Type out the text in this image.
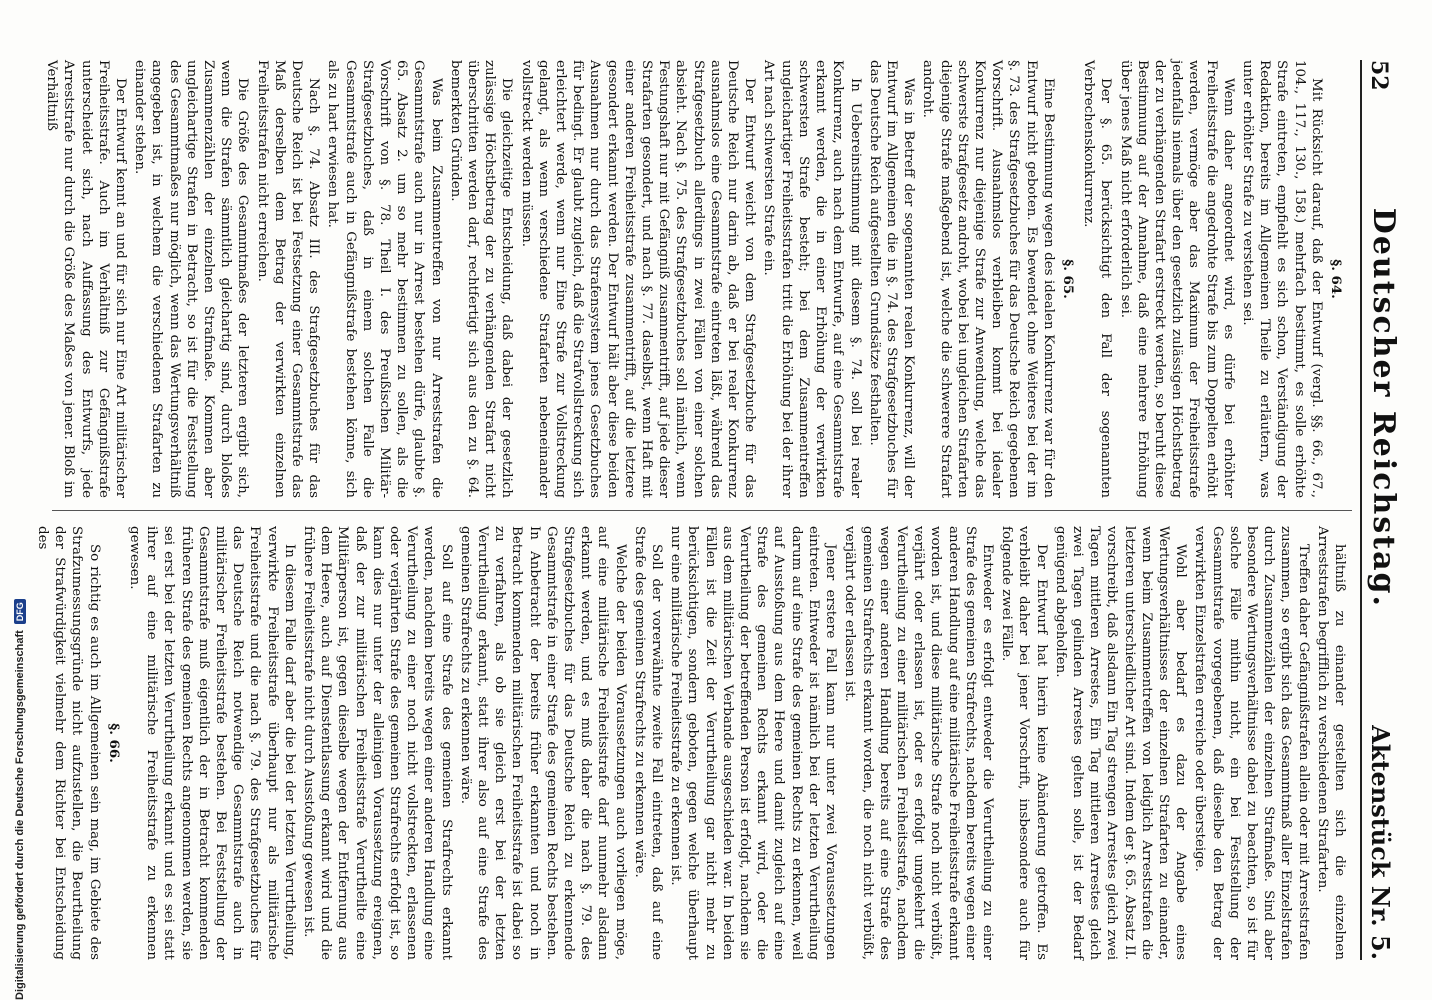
52
Deutscher Reichstag.
Aktenstück Nr. 5.

§. 64.

Mit Rücksicht darauf, daß der Entwurf (vergl. §§. 66., 67., 104., 117., 130., 158.) mehrfach bestimmt, es solle erhöhte Strafe eintreten, empfiehlt es sich schon, Verständigung der Redaktion, bereits im Allgemeinen Theile zu erläutern, was unter erhöhter Strafe zu verstehen sei.

Wenn daher angeordnet wird, es dürfe bei erhöhter Freiheitsstrafe die angedrohte Strafe bis zum Doppelten erhöht werden, vermöge aber das Maximum der Freiheitsstrafe jedenfalls niemals über den gesetzlich zulässigen Höchstbetrag der zu verhängenden Strafart erstreckt werden, so beruht diese Bestimmung auf der Annahme, daß eine mehrere Erhöhung über jenes Maß nicht erforderlich sei.

Der §. 65. berücksichtigt den Fall der sogenannten Verbrechenskonkurrenz.

§. 65.

Eine Bestimmung wegen des idealen Konkurrenz war für den Entwurf nicht geboten. Es bewendet ohne Weiteres bei der im §. 73. des Strafgesetzbuches für das Deutsche Reich gegebenen Vorschrift. Ausnahmslos verbleiben kommt bei idealer Konkurrenz nur diejenige Strafe zur Anwendung, welche das schwerste Strafgesetz androht, wobei bei ungleichen Strafarten diejenige Strafe maßgebend ist, welche die schwerere Strafart androht.

Was in Betreff der sogenannten realen Konkurrenz, will der Entwurf im Allgemeinen die in §. 74. des Strafgesetzbuches für das Deutsche Reich aufgestellten Grundsätze festhalten.

In Uebereinstimmung mit diesem §. 74. soll bei realer Konkurrenz, auch nach dem Entwurfe, auf eine Gesammtstrafe erkannt werden, die in einer Erhöhung der verwirkten schwersten Strafe besteht; bei dem Zusammentreffen ungleichartiger Freiheitsstrafen tritt die Erhöhung bei der ihrer Art nach schwersten Strafe ein.

Der Entwurf weicht von dem Strafgesetzbuche für das Deutsche Reich nur darin ab, daß er bei realer Konkurrenz ausnahmslos eine Gesammtstrafe eintreten läßt, während das Strafgesetzbuch allerdings in zwei Fällen von einer solchen absieht. Nach §. 75. des Strafgesetzbuches soll nämlich, wenn Festungshaft nur mit Gefängniß zusammentrifft, auf jede dieser Strafarten gesondert, und nach §. 77. daselbst, wenn Haft mit einer anderen Freiheitsstrafe zusammentrifft, auf die letztere gesondert erkannt werden. Der Entwurf hält aber diese beiden Ausnahmen nur durch das Strafensystem jenes Gesetzbuches für bedingt. Er glaubt zugleich, daß die Strafvollstreckung sich erleichtert werde, wenn nur Eine Strafe zur Vollstreckung gelangt, als wenn verschiedene Strafarten nebeneinander vollstreckt werden müssen.

Die gleichzeitige Entscheidung, daß dabei der gesetzlich zulässige Höchstbetrag der zu verhängenden Strafart nicht überschritten werden darf, rechtfertigt sich aus den zu §. 64. bemerkten Gründen.

Was beim Zusammentreffen von nur Arreststrafen die Gesammtstrafe auch nur in Arrest bestehen dürfe, glaubte §. 65. Absatz 2. um so mehr bestimmen zu sollen, als die Vorschrift von §. 78. Theil I. des Preußischen Militär-Strafgesetzbuches, daß in einem solchen Falle die Gesammtstrafe auch in Gefängnißstrafe bestehen könne, sich als zu hart erwiesen hat.

Nach §. 74. Absatz III. des Strafgesetzbuches für das Deutsche Reich ist bei Festsetzung einer Gesammtstrafe das Maß derselben dem Betrag der verwirkten einzelnen Freiheitsstrafen nicht erreichen.

Die Größe des Gesammtmaßes der letzteren ergibt sich, wenn die Strafen sämmtlich gleichartig sind, durch bloßes Zusammenzählen der einzelnen Strafmaße. Kommen aber ungleichartige Strafen in Betracht, so ist für die Feststellung des Gesammtmaßes nur möglich, wenn das Wertungsverhältniß angegeben ist, in welchem die verschiedenen Strafarten zu einander stehen.

Der Entwurf kennt an und für sich nur Eine Art militärischer Freiheitsstrafe. Auch im Verhältniß zur Gefängnißstrafe unterscheidet sich, nach Auffassung des Entwurfs, jede Arreststrafe nur durch die Größe des Maßes von jener. Bloß im Verhältniß

hältniß zu einander gestellten sich die einzelnen Arreststrafen begrifflich zu verschiedenen Strafarten.

Treffen daher Gefängnißstrafen allein oder mit Arreststrafen zusammen, so ergibt sich das Gesammtmaß aller Einzelstrafen durch Zusammenzählen der einzelnen Strafmaße. Sind aber besondere Wertungsverhältnisse dabei zu beachten, so ist für solche Fälle mithin nicht, ein bei Feststellung der Gesammtstrafe vorgegebenen, daß dieselbe den Betrag der verwirkten Einzelstrafen erreiche oder übersteige.

Wohl aber bedarf es dazu der Angabe eines Wertungsverhältnisses der einzelnen Strafarten zu einander, wenn beim Zusammentreffen von lediglich Arreststrafen die letzteren unterschiedlicher Art sind. Indem der §. 65. Absatz II. vorschreibt, daß alsdann Ein Tag strengen Arrestes gleich zwei Tagen mittleren Arrestes, Ein Tag mittleren Arrestes gleich zwei Tagen gelinden Arrestes gelten solle, ist der Bedarf genügend abgeholfen.

Der Entwurf hat hierin keine Abänderung getroffen. Es verbleibt daher bei jener Vorschrift, insbesondere auch für folgende zwei Fälle.

Entweder es erfolgt entweder die Verurtheilung zu einer Strafe des gemeinen Strafrechts, nachdem bereits wegen einer anderen Handlung auf eine militärische Freiheitsstrafe erkannt worden ist, und diese militärische Strafe noch nicht verbüßt, verjährt oder erlassen ist, oder es erfolgt umgekehrt die Verurtheilung zu einer militärischen Freiheitsstrafe, nachdem wegen einer anderen Handlung bereits auf eine Strafe des gemeinen Strafrechts erkannt worden, die noch nicht verbüßt, verjährt oder erlassen ist.

Jener erstere Fall kann nur unter zwei Voraussetzungen eintreten. Entweder ist nämlich bei der letzten Verurtheilung darum auf eine Strafe des gemeinen Rechts zu erkennen, weil auf Ausstoßung aus dem Heere und damit zugleich auf eine Strafe des gemeinen Rechts erkannt wird, oder die Verurtheilung der betreffenden Person ist erfolgt, nachdem sie aus dem militärischen Verbande ausgeschieden war. In beiden Fällen ist die Zeit der Verurtheilung gar nicht mehr zu berücksichtigen, sondern geboten, gegen welche überhaupt nur eine militärische Freiheitsstrafe zu erkennen ist.

Soll der vorerwähnte zweite Fall eintreten, daß auf eine Strafe des gemeinen Strafrechts zu erkennen wäre.

Welche der beiden Voraussetzungen auch vorliegen möge, auf eine militärische Freiheitsstrafe darf nunmehr alsdann erkannt werden, und es muß daher die nach §. 79. des Strafgesetzbuches für das Deutsche Reich zu erkennende Gesammtstrafe in einer Strafe des gemeinen Rechts bestehen. In Anbetracht der bereits früher erkannten und noch in Betracht kommenden militärischen Freiheitsstrafe ist dabei so zu verfahren, als ob sie gleich erst bei der letzten Verurtheilung erkannt, statt ihrer also auf eine Strafe des gemeinen Strafrechts zu erkennen wäre.

Soll auf eine Strafe des gemeinen Strafrechts erkannt werden, nachdem bereits wegen einer anderen Handlung eine Verurtheilung zu einer noch nicht vollstreckten, erlassenen oder verjährten Strafe des gemeinen Strafrechts erfolgt ist, so kann dies nur unter der alleinigen Voraussetzung ereignen, daß der zur militärischen Freiheitsstrafe Verurtheilte eine Militärperson ist, gegen dieselbe wegen der Entfernung aus dem Heere, auch auf Dienstentlassung erkannt wird und die frühere Freiheitsstrafe nicht durch Ausstoßung gewesen ist.

In diesem Falle darf aber die bei der letzten Verurtheilung, verwirkte Freiheitsstrafe überhaupt nur als militärische Freiheitsstrafe und die nach §. 79. des Strafgesetzbuches für das Deutsche Reich notwendige Gesammtstrafe auch in militärischer Freiheitsstrafe bestehen. Bei Feststellung der Gesammtstrafe muß eigentlich der in Betracht kommenden früheren Strafe des gemeinen Rechts angenommen werden, sie sei erst bei der letzten Verurtheilung erkannt und es sei statt ihrer auf eine militärische Freiheitsstrafe zu erkennen gewesen.

§. 66.

So richtig es auch im Allgemeinen sein mag, im Gebiete des Strafzumessungsgründe nicht aufzustellen, die Beurtheilung der Strafwürdigkeit vielmehr dem Richter bei Entscheidung des

Digitalisierung gefördert durch die Deutsche Forschungsgemeinschaft
DFG
